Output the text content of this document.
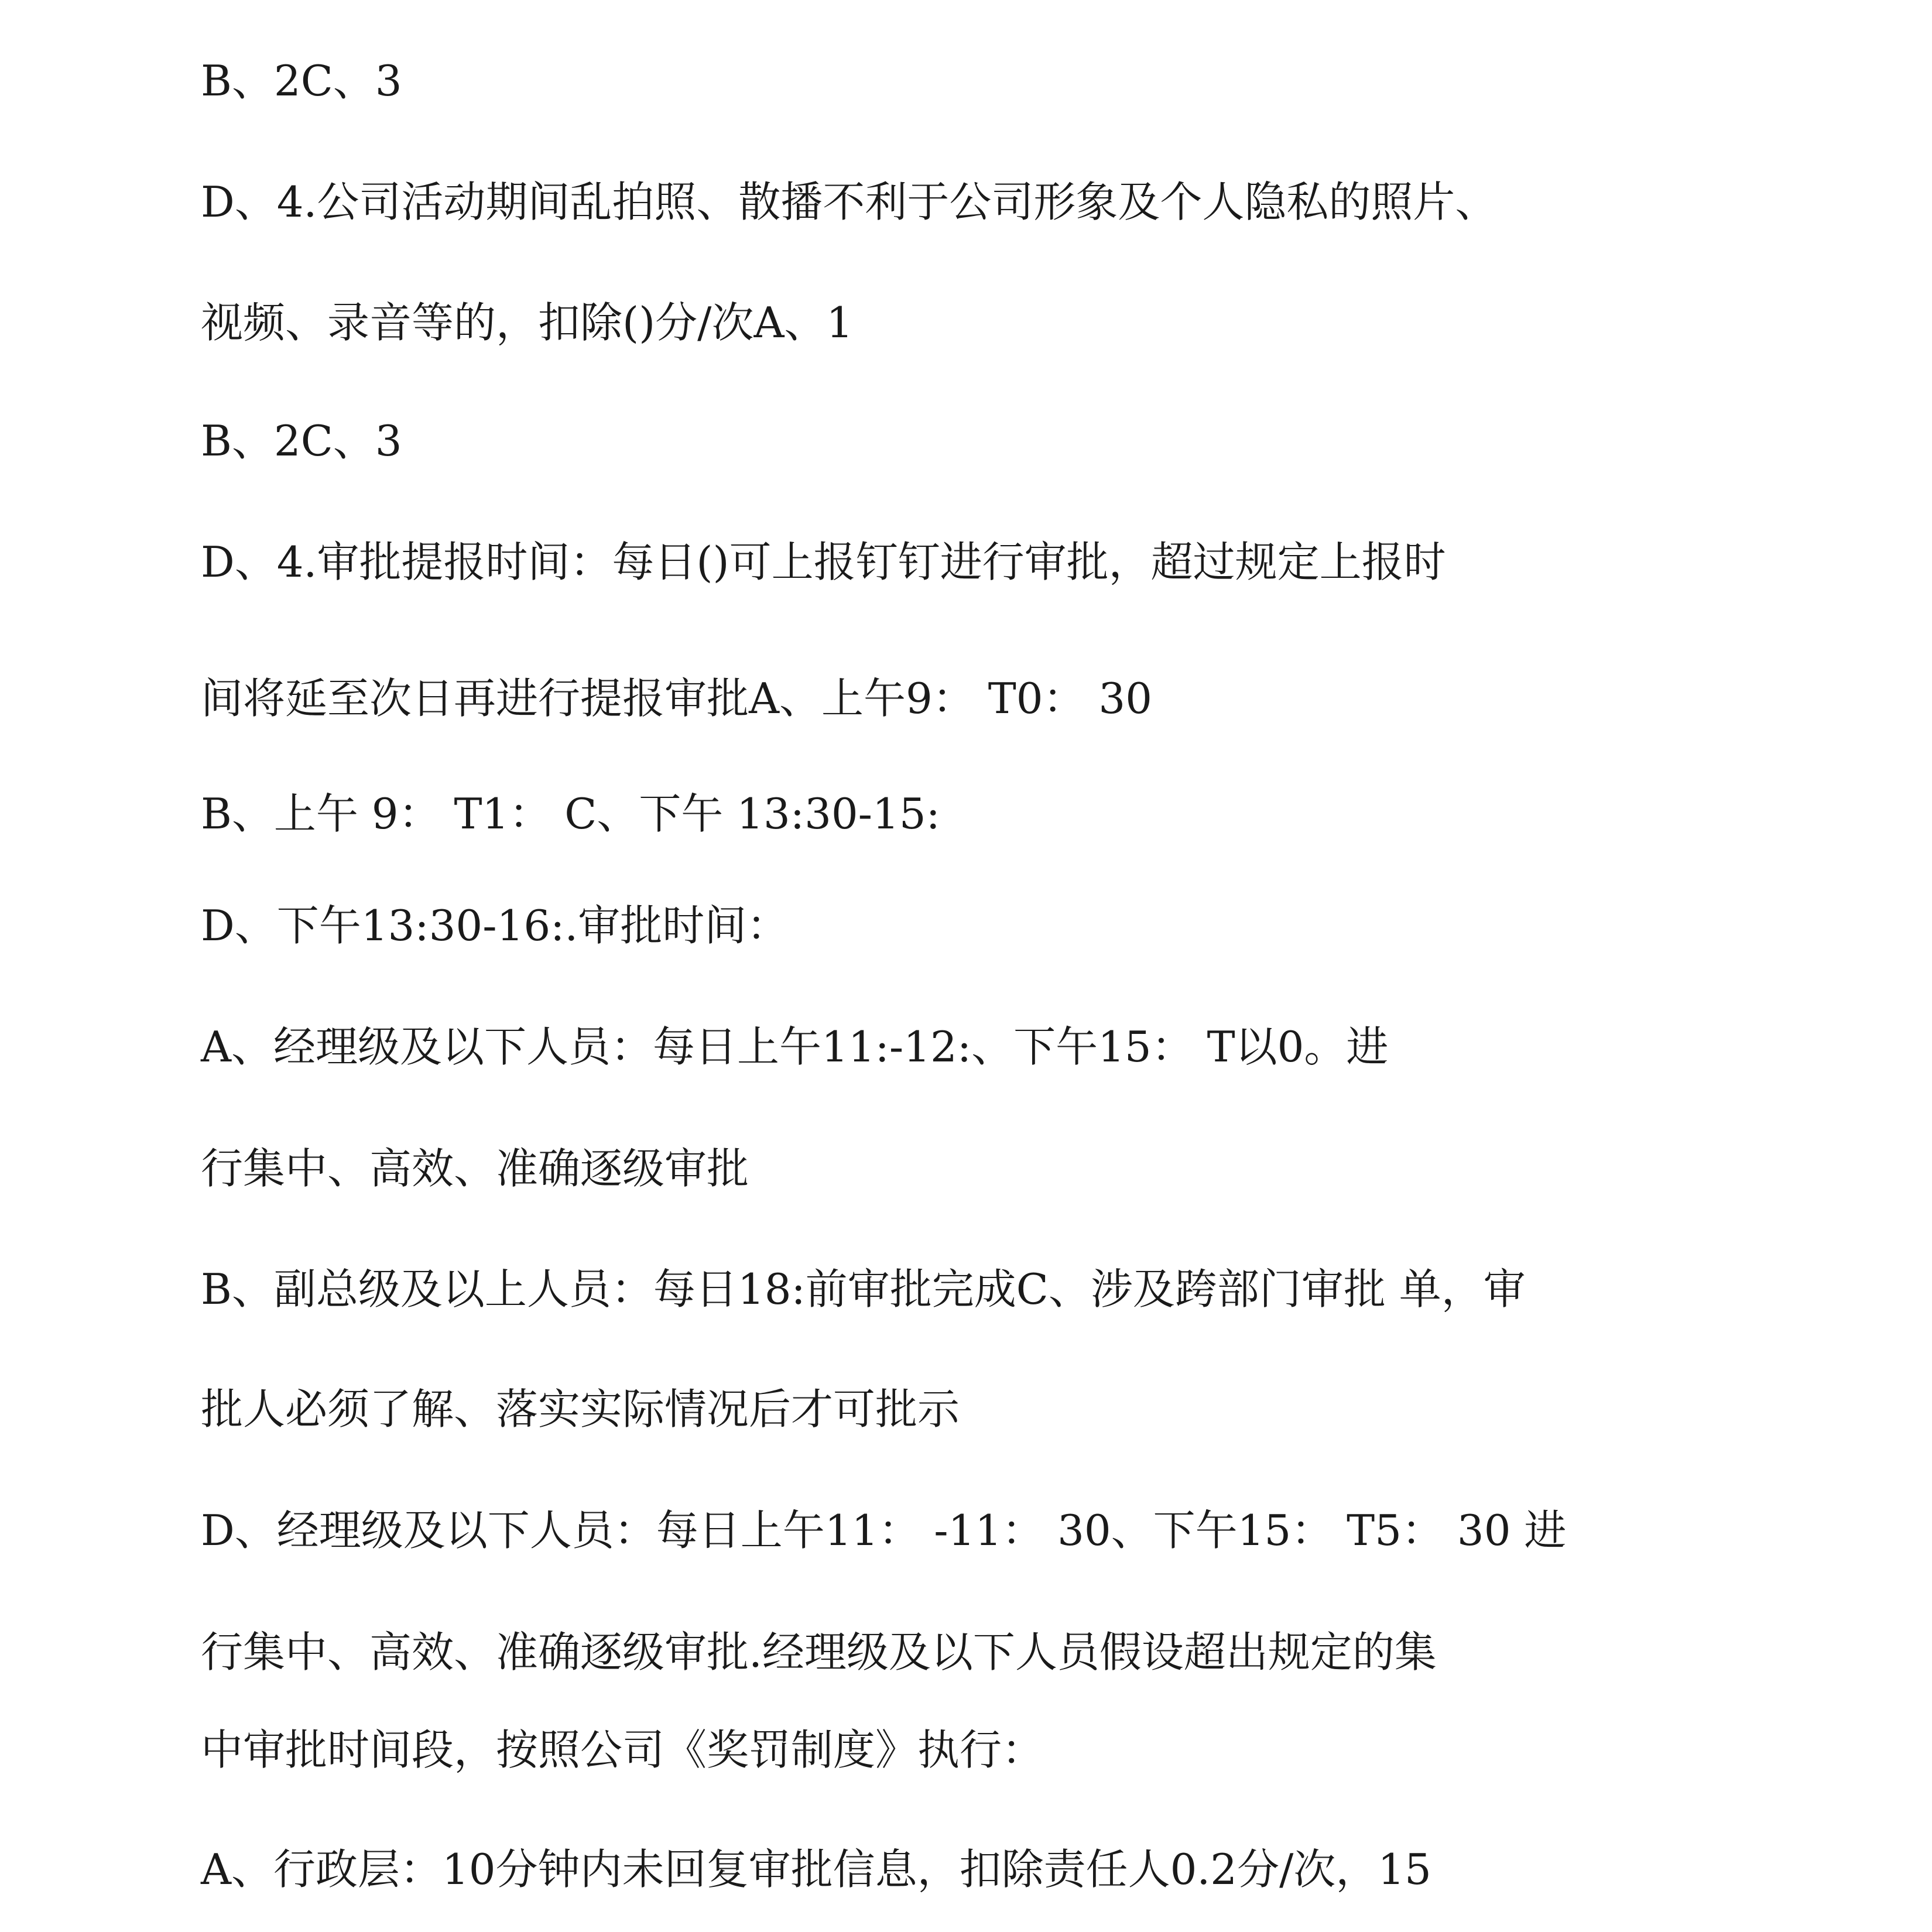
B、2C、3
D、4.公司活动期间乱拍照、散播不利于公司形象及个人隐私的照片、
视频、录音等的，扣除()分/次A、1
B、2C、3
D、4.审批提报时间：每日()可上报钉钉进行审批，超过规定上报时
间将延至次日再进行提报审批A、上午9： T0： 30
B、上午 9： T1： C、下午 13:30-15:
D、下午13:30-16:.审批时间：
A、经理级及以下人员：每日上午11:-12:、下午15： T以0。进
行集中、高效、准确逐级审批
B、副总级及以上人员：每日18:前审批完成C、涉及跨部门审批 单，审
批人必须了解、落实实际情况后才可批示
D、经理级及以下人员：每日上午11： -11： 30、下午15： T5： 30 进
行集中、高效、准确逐级审批.经理级及以下人员假设超出规定的集
中审批时间段，按照公司《奖罚制度》执行：
A、行政层：10分钟内未回复审批信息，扣除责任人0.2分/次，15
